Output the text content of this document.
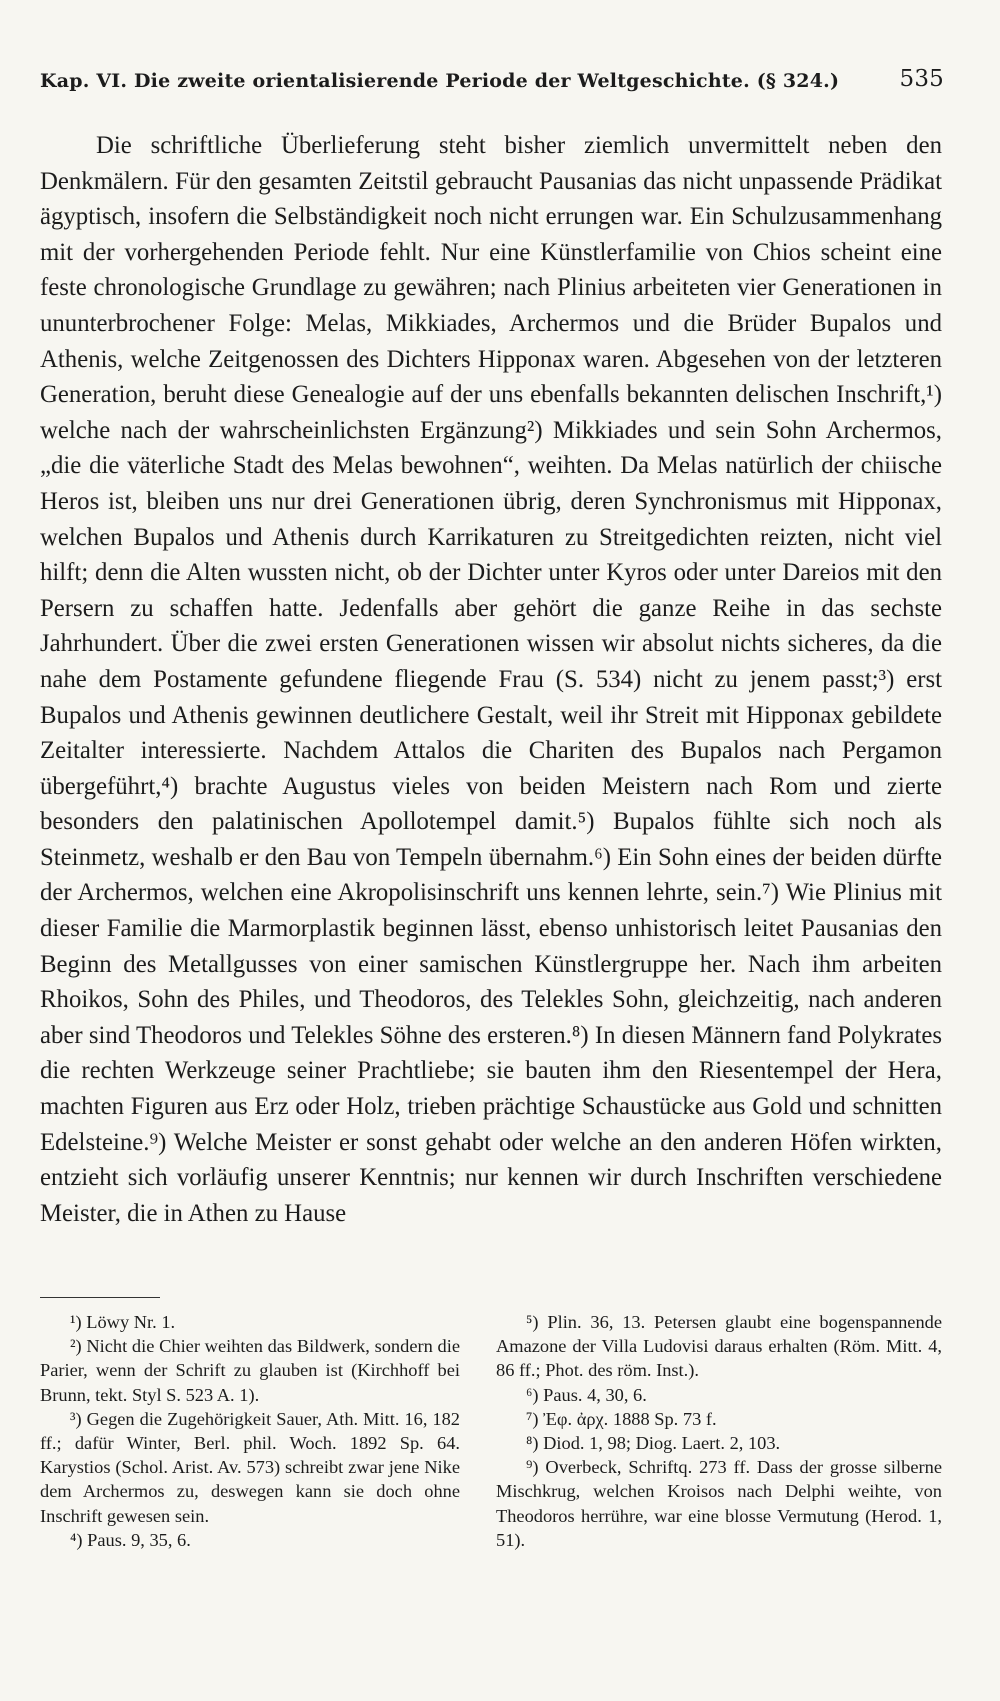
Kap. VI. Die zweite orientalisierende Periode der Weltgeschichte. (§ 324.)	535

Die schriftliche Überlieferung steht bisher ziemlich unvermittelt neben den Denkmälern. Für den gesamten Zeitstil gebraucht Pausanias das nicht unpassende Prädikat ägyptisch, insofern die Selbständigkeit noch nicht errungen war. Ein Schulzusammenhang mit der vorhergehenden Periode fehlt. Nur eine Künstlerfamilie von Chios scheint eine feste chronologische Grundlage zu gewähren; nach Plinius arbeiteten vier Generationen in ununterbrochener Folge: Melas, Mikkiades, Archermos und die Brüder Bupalos und Athenis, welche Zeitgenossen des Dichters Hipponax waren. Abgesehen von der letzteren Generation, beruht diese Genealogie auf der uns ebenfalls bekannten delischen Inschrift,¹) welche nach der wahrscheinlichsten Ergänzung²) Mikkiades und sein Sohn Archermos, „die die väterliche Stadt des Melas bewohnen“, weihten. Da Melas natürlich der chiische Heros ist, bleiben uns nur drei Generationen übrig, deren Synchronismus mit Hipponax, welchen Bupalos und Athenis durch Karrikaturen zu Streitgedichten reizten, nicht viel hilft; denn die Alten wussten nicht, ob der Dichter unter Kyros oder unter Dareios mit den Persern zu schaffen hatte. Jedenfalls aber gehört die ganze Reihe in das sechste Jahrhundert. Über die zwei ersten Generationen wissen wir absolut nichts sicheres, da die nahe dem Postamente gefundene fliegende Frau (S. 534) nicht zu jenem passt;³) erst Bupalos und Athenis gewinnen deutlichere Gestalt, weil ihr Streit mit Hipponax gebildete Zeitalter interessierte. Nachdem Attalos die Chariten des Bupalos nach Pergamon übergeführt,⁴) brachte Augustus vieles von beiden Meistern nach Rom und zierte besonders den palatinischen Apollotempel damit.⁵) Bupalos fühlte sich noch als Steinmetz, weshalb er den Bau von Tempeln übernahm.⁶) Ein Sohn eines der beiden dürfte der Archermos, welchen eine Akropolisinschrift uns kennen lehrte, sein.⁷) Wie Plinius mit dieser Familie die Marmorplastik beginnen lässt, ebenso unhistorisch leitet Pausanias den Beginn des Metallgusses von einer samischen Künstlergruppe her. Nach ihm arbeiten Rhoikos, Sohn des Philes, und Theodoros, des Telekles Sohn, gleichzeitig, nach anderen aber sind Theodoros und Telekles Söhne des ersteren.⁸) In diesen Männern fand Polykrates die rechten Werkzeuge seiner Prachtliebe; sie bauten ihm den Riesentempel der Hera, machten Figuren aus Erz oder Holz, trieben prächtige Schaustücke aus Gold und schnitten Edelsteine.⁹) Welche Meister er sonst gehabt oder welche an den anderen Höfen wirkten, entzieht sich vorläufig unserer Kenntnis; nur kennen wir durch Inschriften verschiedene Meister, die in Athen zu Hause

¹) Löwy Nr. 1.

²) Nicht die Chier weihten das Bildwerk, sondern die Parier, wenn der Schrift zu glauben ist (Kirchhoff bei Brunn, tekt. Styl S. 523 A. 1).

³) Gegen die Zugehörigkeit Sauer, Ath. Mitt. 16, 182 ff.; dafür Winter, Berl. phil. Woch. 1892 Sp. 64. Karystios (Schol. Arist. Av. 573) schreibt zwar jene Nike dem Archermos zu, deswegen kann sie doch ohne Inschrift gewesen sein.

⁴) Paus. 9, 35, 6.

⁵) Plin. 36, 13. Petersen glaubt eine bogenspannende Amazone der Villa Ludovisi daraus erhalten (Röm. Mitt. 4, 86 ff.; Phot. des röm. Inst.).

⁶) Paus. 4, 30, 6.

⁷) Ἐφ. ἀρχ. 1888 Sp. 73 f.

⁸) Diod. 1, 98; Diog. Laert. 2, 103.

⁹) Overbeck, Schriftq. 273 ff. Dass der grosse silberne Mischkrug, welchen Kroisos nach Delphi weihte, von Theodoros herrühre, war eine blosse Vermutung (Herod. 1, 51).
